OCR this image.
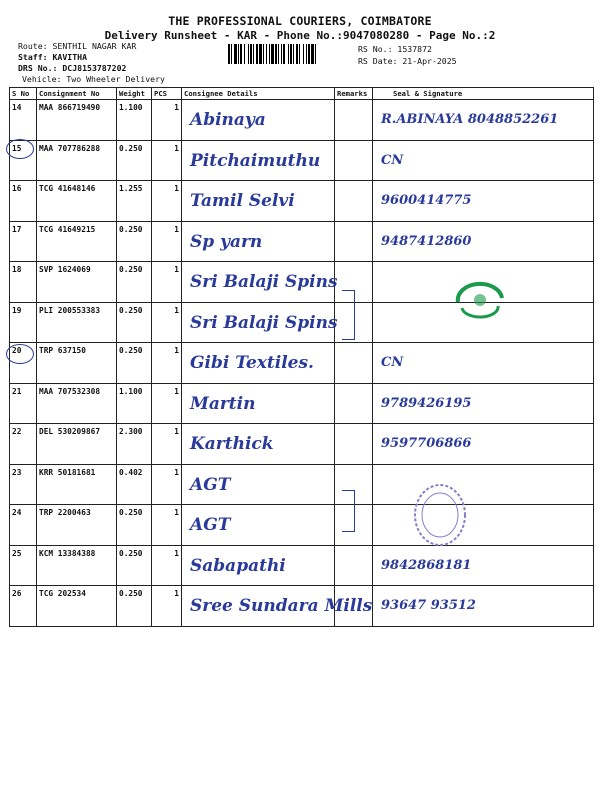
THE PROFESSIONAL COURIERS, COIMBATORE
Delivery Runsheet - KAR - Phone No.:9047080280 - Page No.:2
Route: SENTHIL NAGAR KAR
Staff: KAVITHA
DRS No.: DCJ8153787202
Vehicle: Two Wheeler Delivery
RS No.: 1537872
RS Date: 21-Apr-2025
S No	Consignment No	Weight	PCS	Consignee Details	Remarks	Seal & Signature

14	MAA 866719490	1.100	1	Abinaya		R.ABINAYA 8048852261

15	MAA 707786288	0.250	1	Pitchaimuthu		CN

16	TCG 41648146	1.255	1	Tamil Selvi		9600414775

17	TCG 41649215	0.250	1	Sp yarn		9487412860

18	SVP 1624069	0.250	1	Sri Balaji Spins		

19	PLI 200553383	0.250	1	Sri Balaji Spins		

20	TRP 637150	0.250	1	Gibi Textiles.		CN

21	MAA 707532308	1.100	1	Martin		9789426195

22	DEL 530209867	2.300	1	Karthick		9597706866

23	KRR 50181681	0.402	1	AGT		

24	TRP 2200463	0.250	1	AGT		

25	KCM 13384388	0.250	1	Sabapathi		9842868181

26	TCG 202534	0.250	1	Sree Sundara Mills		93647 93512
